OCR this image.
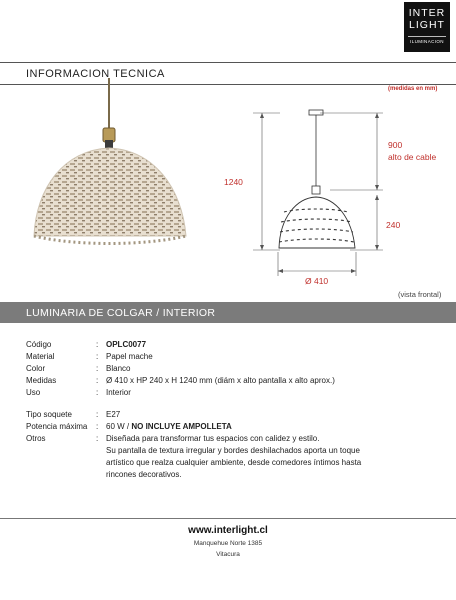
INTER
LIGHT
ILUMINACION
INFORMACION TECNICA
(medidas en mm)
1240
900
alto de cable
240
Ø 410
(vista frontal)
LUMINARIA DE COLGAR / INTERIOR
Código	: OPLC0077
Material	: Papel mache
Color	: Blanco
Medidas	: Ø 410 x HP 240 x H 1240 mm (diám x alto pantalla x alto aprox.)
Uso	: Interior
Tipo soquete	: E27
Potencia máxima	: 60 W / NO INCLUYE AMPOLLETA
Otros	: Diseñada para transformar tus espacios con calidez y estilo.
Su pantalla de textura irregular y bordes deshilachados aporta un toque
artístico que realza cualquier ambiente, desde comedores íntimos hasta
rincones decorativos.
www.interlight.cl
Manquehue Norte 1385
Vitacura
